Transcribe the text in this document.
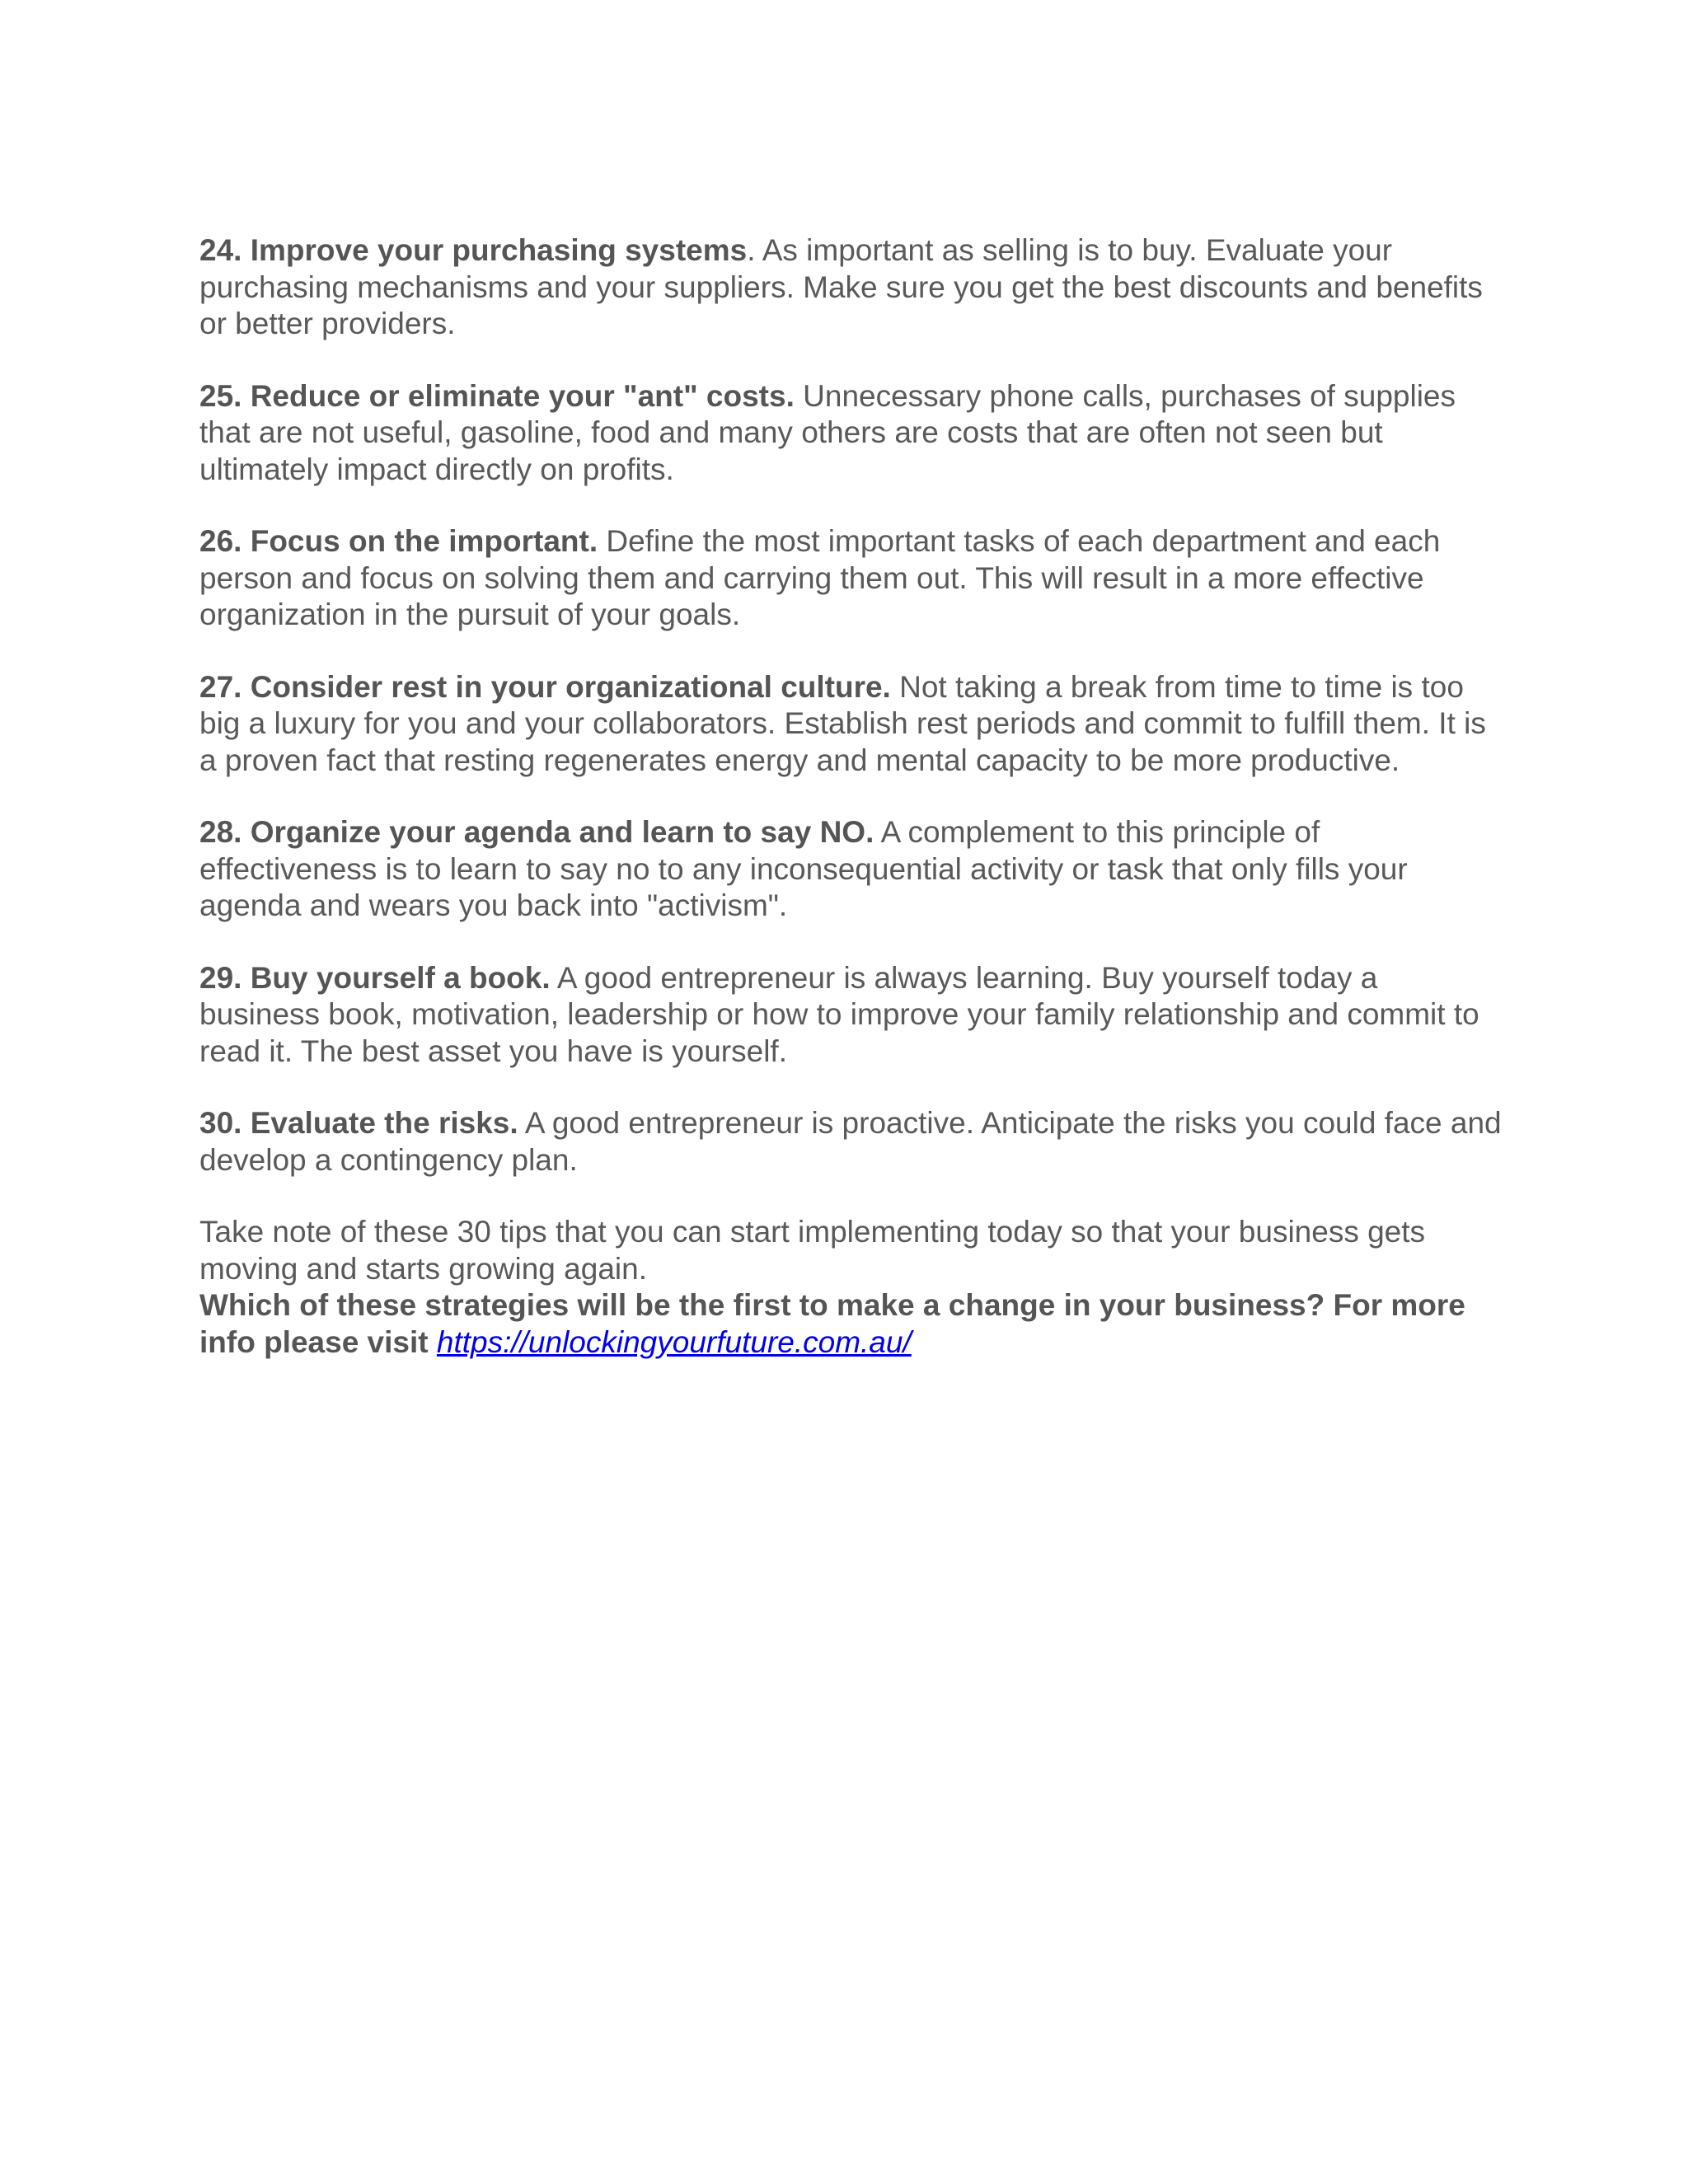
24. Improve your purchasing systems. As important as selling is to buy. Evaluate your purchasing mechanisms and your suppliers. Make sure you get the best discounts and benefits or better providers.

25. Reduce or eliminate your "ant" costs. Unnecessary phone calls, purchases of supplies that are not useful, gasoline, food and many others are costs that are often not seen but ultimately impact directly on profits.

26. Focus on the important. Define the most important tasks of each department and each person and focus on solving them and carrying them out. This will result in a more effective organization in the pursuit of your goals.

27. Consider rest in your organizational culture. Not taking a break from time to time is too big a luxury for you and your collaborators. Establish rest periods and commit to fulfill them. It is a proven fact that resting regenerates energy and mental capacity to be more productive.

28. Organize your agenda and learn to say NO. A complement to this principle of effectiveness is to learn to say no to any inconsequential activity or task that only fills your agenda and wears you back into "activism".

29. Buy yourself a book. A good entrepreneur is always learning. Buy yourself today a business book, motivation, leadership or how to improve your family relationship and commit to read it. The best asset you have is yourself.

30. Evaluate the risks. A good entrepreneur is proactive. Anticipate the risks you could face and develop a contingency plan.

Take note of these 30 tips that you can start implementing today so that your business gets moving and starts growing again.

Which of these strategies will be the first to make a change in your business? For more info please visit https://unlockingyourfuture.com.au/
